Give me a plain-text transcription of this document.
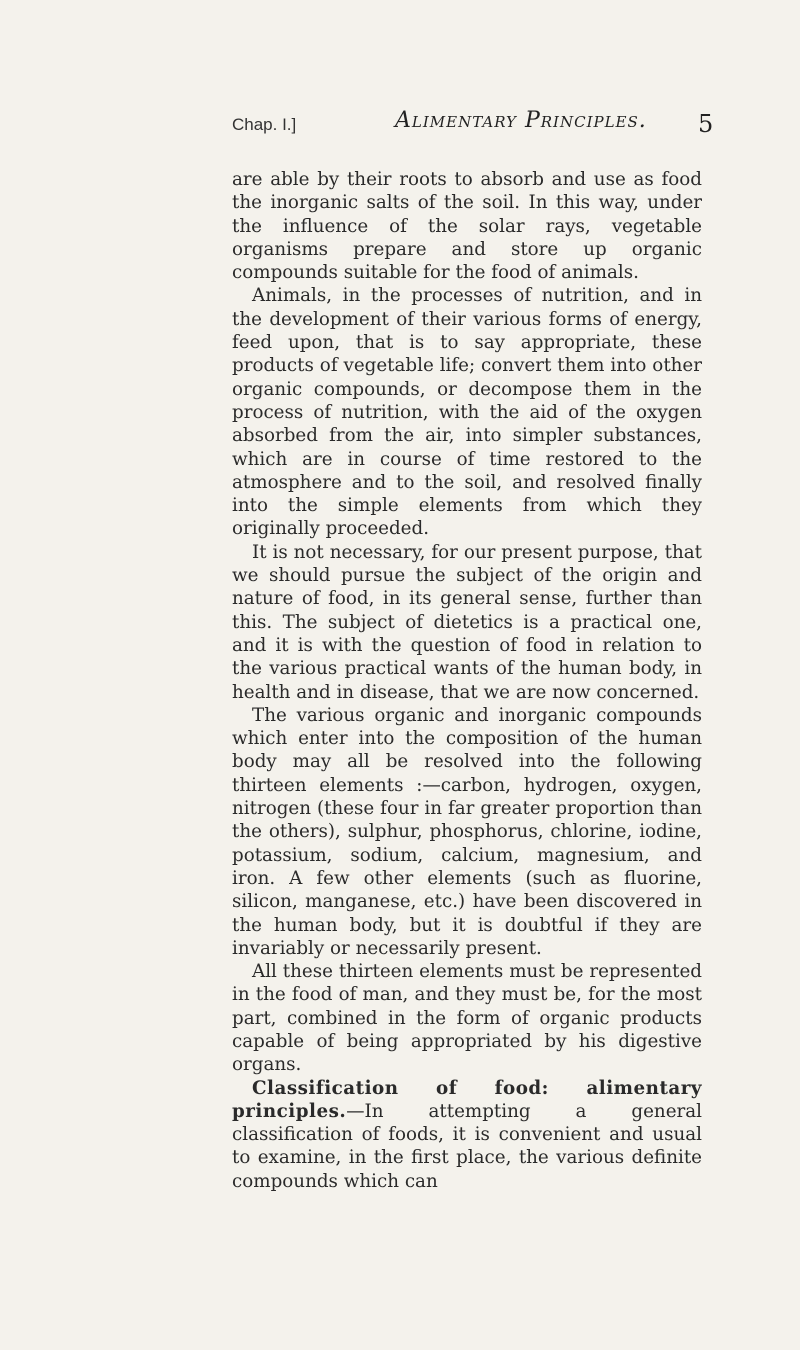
Chap. I.]	Alimentary Principles. 5

are able by their roots to absorb and use as food the inorganic salts of the soil. In this way, under the influence of the solar rays, vegetable organisms prepare and store up organic compounds suitable for the food of animals.

Animals, in the processes of nutrition, and in the development of their various forms of energy, feed upon, that is to say appropriate, these products of vegetable life; convert them into other organic compounds, or decompose them in the process of nutrition, with the aid of the oxygen absorbed from the air, into simpler substances, which are in course of time restored to the atmosphere and to the soil, and resolved finally into the simple elements from which they originally proceeded.

It is not necessary, for our present purpose, that we should pursue the subject of the origin and nature of food, in its general sense, further than this. The subject of dietetics is a practical one, and it is with the question of food in relation to the various practical wants of the human body, in health and in disease, that we are now concerned.

The various organic and inorganic compounds which enter into the composition of the human body may all be resolved into the following thirteen elements :—carbon, hydrogen, oxygen, nitrogen (these four in far greater proportion than the others), sulphur, phosphorus, chlorine, iodine, potassium, sodium, calcium, magnesium, and iron. A few other elements (such as fluorine, silicon, manganese, etc.) have been discovered in the human body, but it is doubtful if they are invariably or necessarily present.

All these thirteen elements must be represented in the food of man, and they must be, for the most part, combined in the form of organic products capable of being appropriated by his digestive organs.

Classification of food: alimentary principles.—In attempting a general classification of foods, it is convenient and usual to examine, in the first place, the various definite compounds which can
